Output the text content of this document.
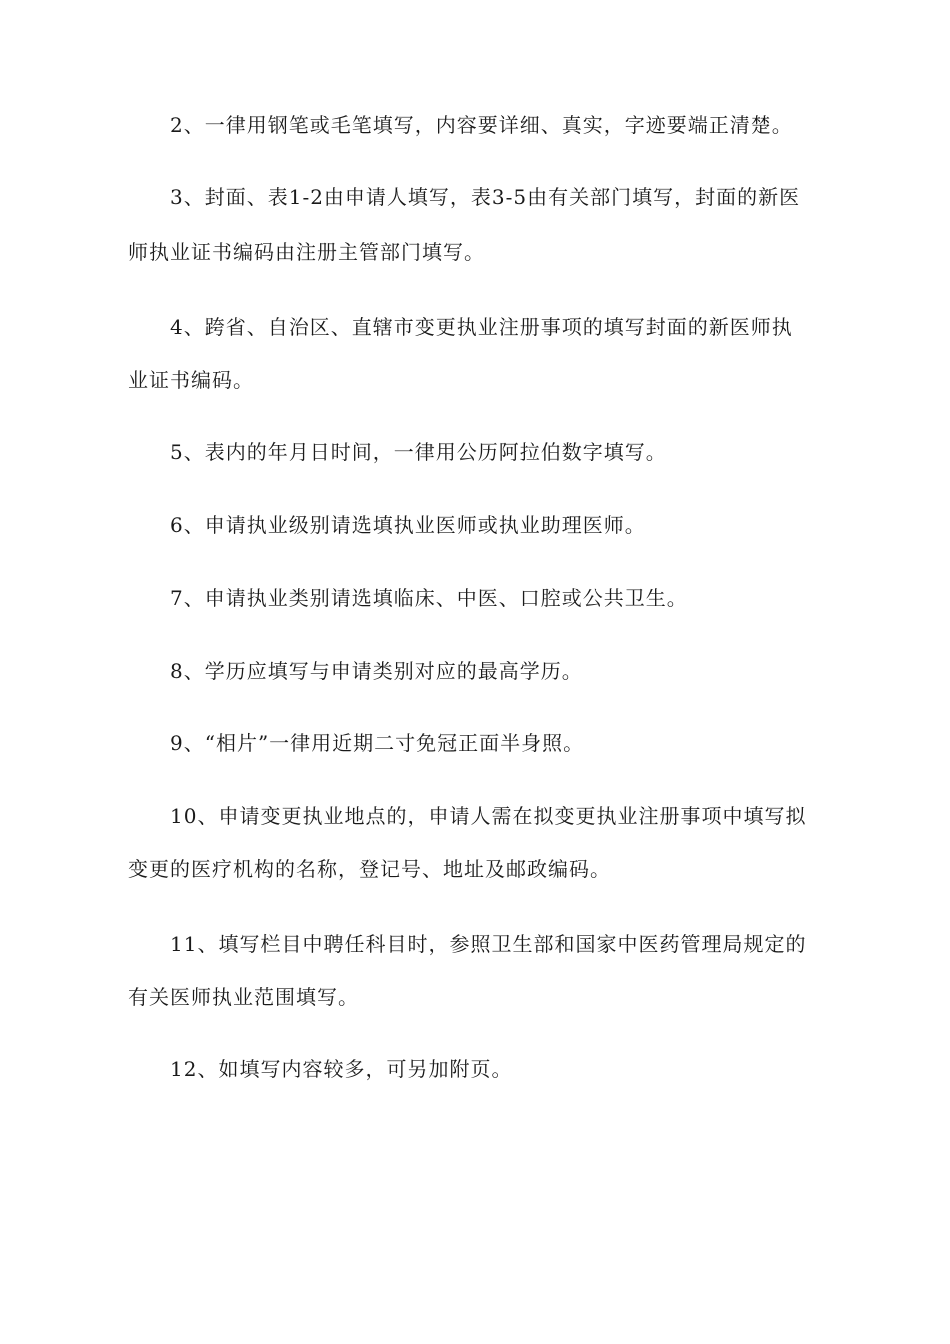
2、一律用钢笔或毛笔填写，内容要详细、真实，字迹要端正清楚。

3、封面、表1-2由申请人填写，表3-5由有关部门填写，封面的新医

师执业证书编码由注册主管部门填写。

4、跨省、自治区、直辖市变更执业注册事项的填写封面的新医师执

业证书编码。

5、表内的年月日时间，一律用公历阿拉伯数字填写。

6、申请执业级别请选填执业医师或执业助理医师。

7、申请执业类别请选填临床、中医、口腔或公共卫生。

8、学历应填写与申请类别对应的最高学历。

9、“相片”一律用近期二寸免冠正面半身照。

10、申请变更执业地点的，申请人需在拟变更执业注册事项中填写拟

变更的医疗机构的名称，登记号、地址及邮政编码。

11、填写栏目中聘任科目时，参照卫生部和国家中医药管理局规定的

有关医师执业范围填写。

12、如填写内容较多，可另加附页。
